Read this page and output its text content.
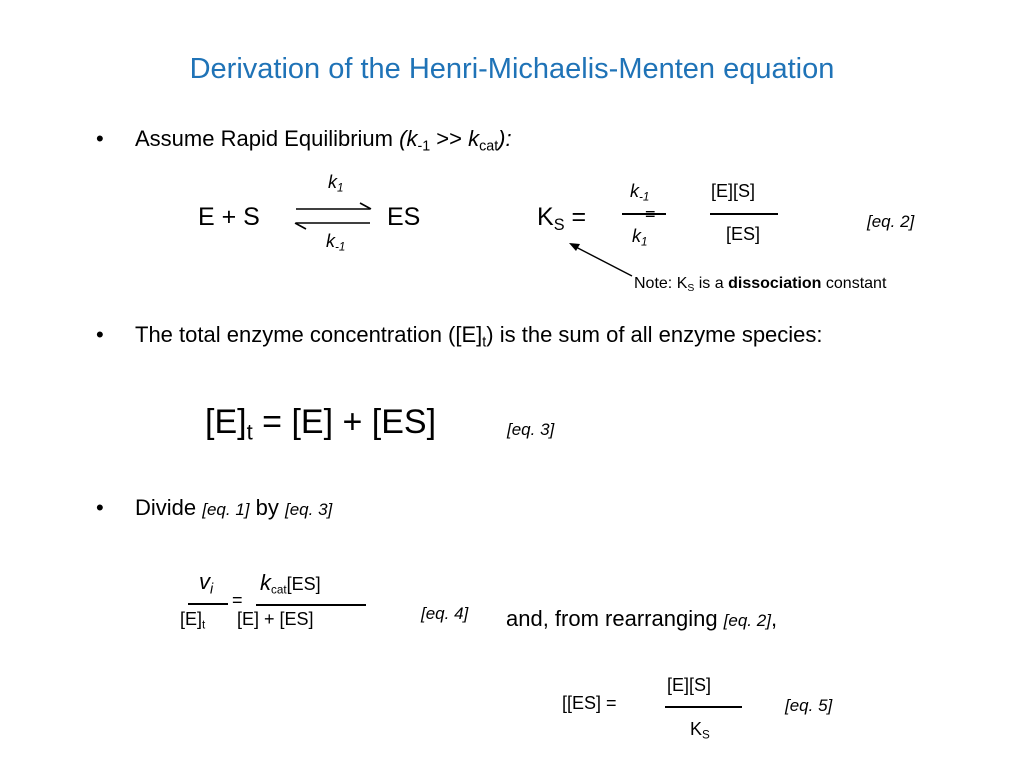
Derivation of the Henri-Michaelis-Menten equation
• Assume Rapid Equilibrium $(k_{-1} >> k_{cat})$:
E + S	ES
$k_1$
$k_{-1}$
$K_S$ =
$k_{-1}$
=
$k_1$
[E][S]
[ES]
[eq. 2]
Note: $K_S$ is a dissociation constant
• The total enzyme concentration $([E]_t)$ is the sum of all enzyme species:
$[E]_t = [E] + [ES]$	[eq. 3]
• Divide [eq. 1] by [eq. 3]
$v_i$
$[E]_t$
=
$k_{cat}[ES]$
[E] + [ES]	[eq. 4] and, from rearranging [eq. 2],
[[ES] =
[E][S]
$K_S$
[eq. 5]
